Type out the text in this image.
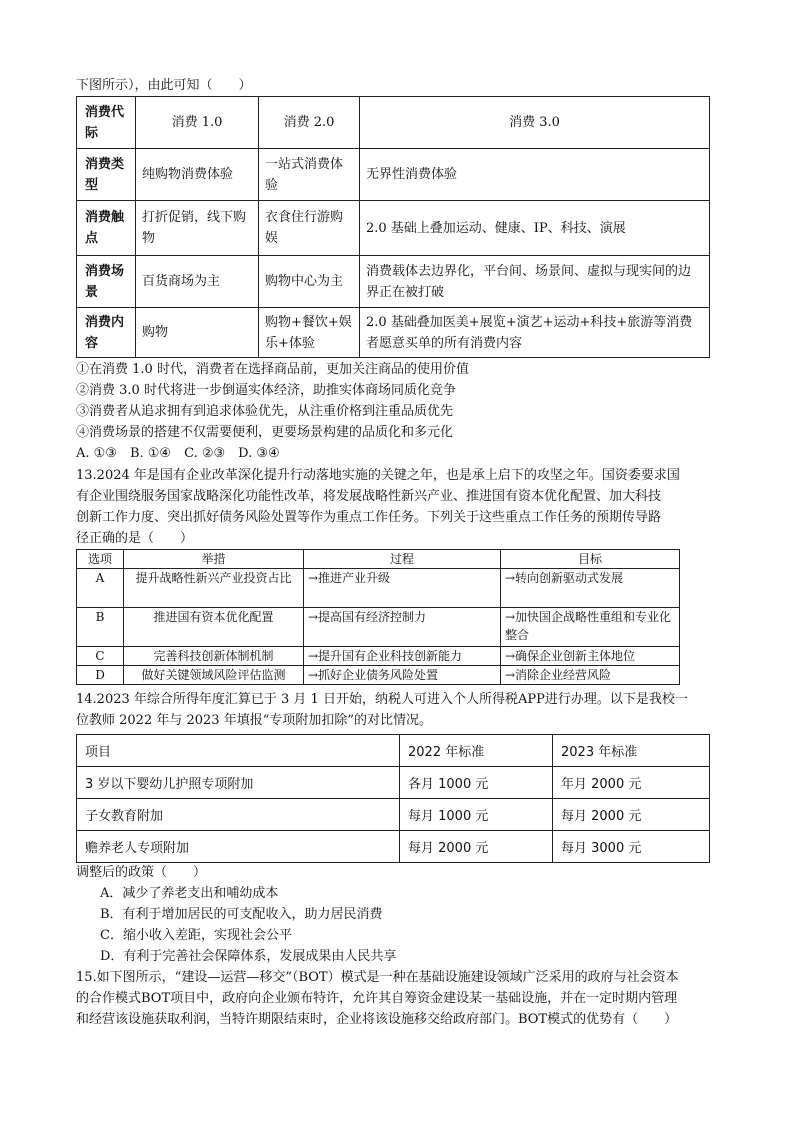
下图所示），由此可知（　　）
消费代际	消费 1.0	消费 2.0	消费 3.0
消费类型	纯购物消费体验	一站式消费体验	无界性消费体验
消费触点	打折促销，线下购物	衣食住行游购娱	2.0 基础上叠加运动、健康、IP、科技、演展
消费场景	百货商场为主	购物中心为主	消费载体去边界化，平台间、场景间、虚拟与现实间的边界正在被打破
消费内容	购物	购物+餐饮+娱乐+体验	2.0 基础叠加医美+展览+演艺+运动+科技+旅游等消费者愿意买单的所有消费内容
①在消费 1.0 时代，消费者在选择商品前，更加关注商品的使用价值
②消费 3.0 时代将进一步倒逼实体经济，助推实体商场同质化竞争
③消费者从追求拥有到追求体验优先，从注重价格到注重品质优先
④消费场景的搭建不仅需要便利，更要场景构建的品质化和多元化
A. ①③　B. ①④　C. ②③　D. ③④
13.2024 年是国有企业改革深化提升行动落地实施的关键之年，也是承上启下的攻坚之年。国资委要求国
有企业围绕服务国家战略深化功能性改革，将发展战略性新兴产业、推进国有资本优化配置、加大科技
创新工作力度、突出抓好债务风险处置等作为重点工作任务。下列关于这些重点工作任务的预期传导路
径正确的是（　　）
选项	举措	过程	目标
A	提升战略性新兴产业投资占比	→推进产业升级	→转向创新驱动式发展
B	推进国有资本优化配置	→提高国有经济控制力	→加快国企战略性重组和专业化整合
C	完善科技创新体制机制	→提升国有企业科技创新能力	→确保企业创新主体地位
D	做好关键领域风险评估监测	→抓好企业债务风险处置	→消除企业经营风险
14.2023 年综合所得年度汇算已于 3 月 1 日开始，纳税人可进入个人所得税APP进行办理。以下是我校一
位教师 2022 年与 2023 年填报“专项附加扣除”的对比情况。
项目	2022 年标准	2023 年标准
3 岁以下婴幼儿护照专项附加	各月 1000 元	年月 2000 元
子女教育附加	每月 1000 元	每月 2000 元
赡养老人专项附加	每月 2000 元	每月 3000 元
调整后的政策（　　）
A．减少了养老支出和哺幼成本
B．有利于增加居民的可支配收入，助力居民消费
C．缩小收入差距，实现社会公平
D．有利于完善社会保障体系，发展成果由人民共享
15.如下图所示，“建设—运营—移交”（BOT）模式是一种在基础设施建设领域广泛采用的政府与社会资本
的合作模式BOT项目中，政府向企业颁布特许，允许其自筹资金建设某一基础设施，并在一定时期内管理
和经营该设施获取利润，当特许期限结束时，企业将该设施移交给政府部门。BOT模式的优势有（　　）
